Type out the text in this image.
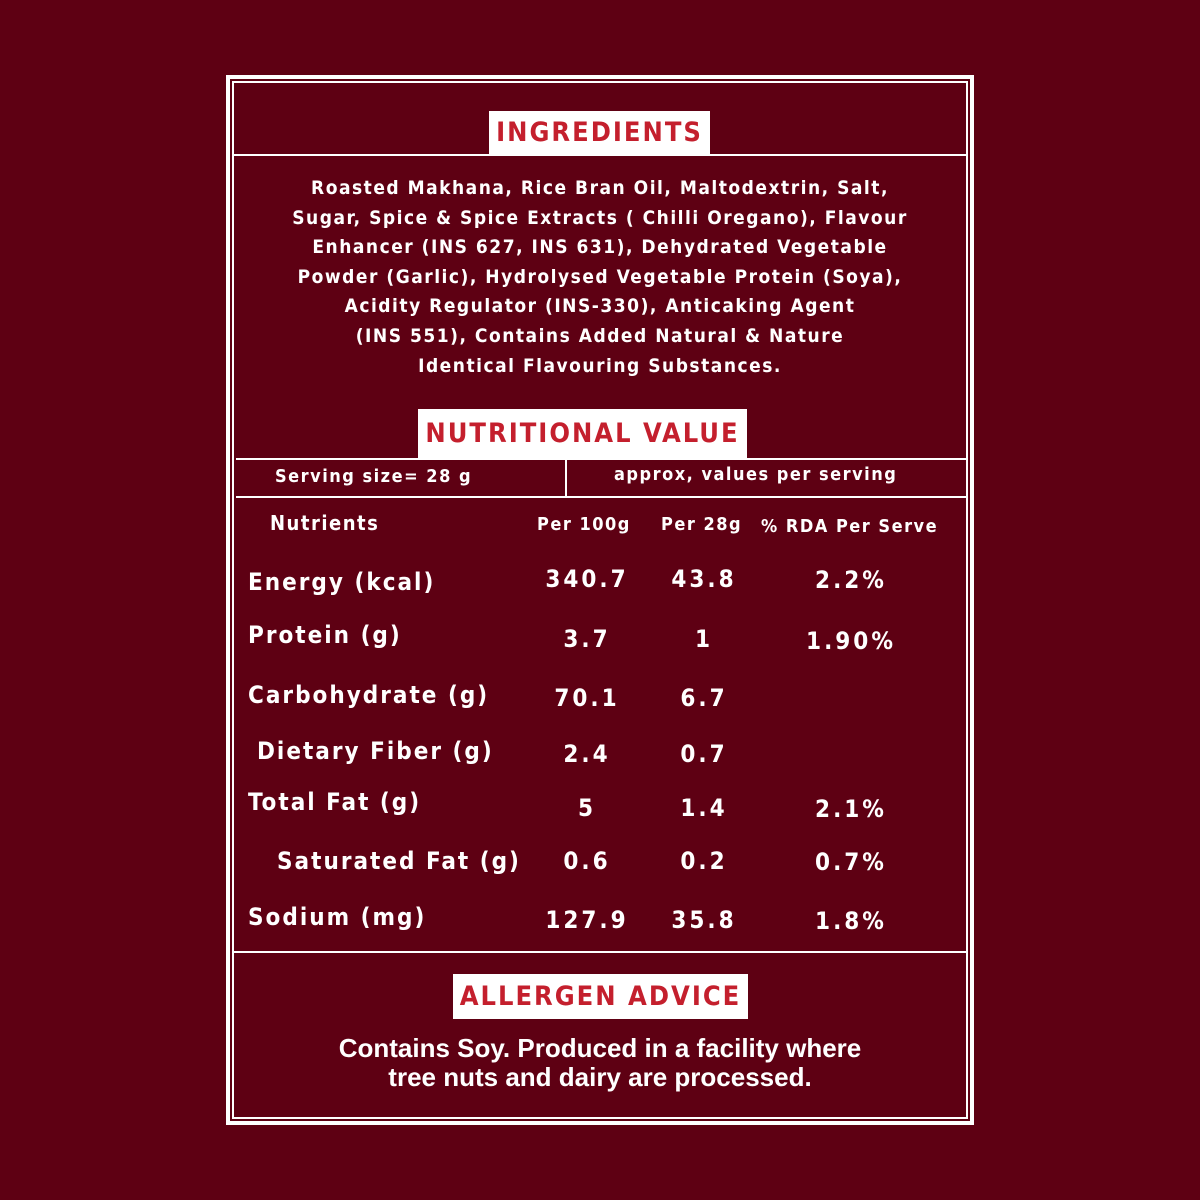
INGREDIENTS
Roasted Makhana, Rice Bran Oil, Maltodextrin, Salt,
Sugar, Spice & Spice Extracts ( Chilli Oregano), Flavour
Enhancer (INS 627, INS 631), Dehydrated Vegetable
Powder (Garlic), Hydrolysed Vegetable Protein (Soya),
Acidity Regulator (INS-330), Anticaking Agent
(INS 551), Contains Added Natural & Nature
Identical Flavouring Substances.
NUTRITIONAL VALUE
Serving size= 28 g	approx, values per serving
Nutrients	Per 100g Per 28g % RDA Per Serve
Energy (kcal)	340.7	43.8	2.2%
Protein (g)	3.7	1	1.90%
Carbohydrate (g)	70.1	6.7
Dietary Fiber (g)	2.4	0.7
Total Fat (g)	5	1.4	2.1%
Saturated Fat (g)	0.6	0.2	0.7%
Sodium (mg)	127.9	35.8	1.8%
ALLERGEN ADVICE
Contains Soy. Produced in a facility where
tree nuts and dairy are processed.
